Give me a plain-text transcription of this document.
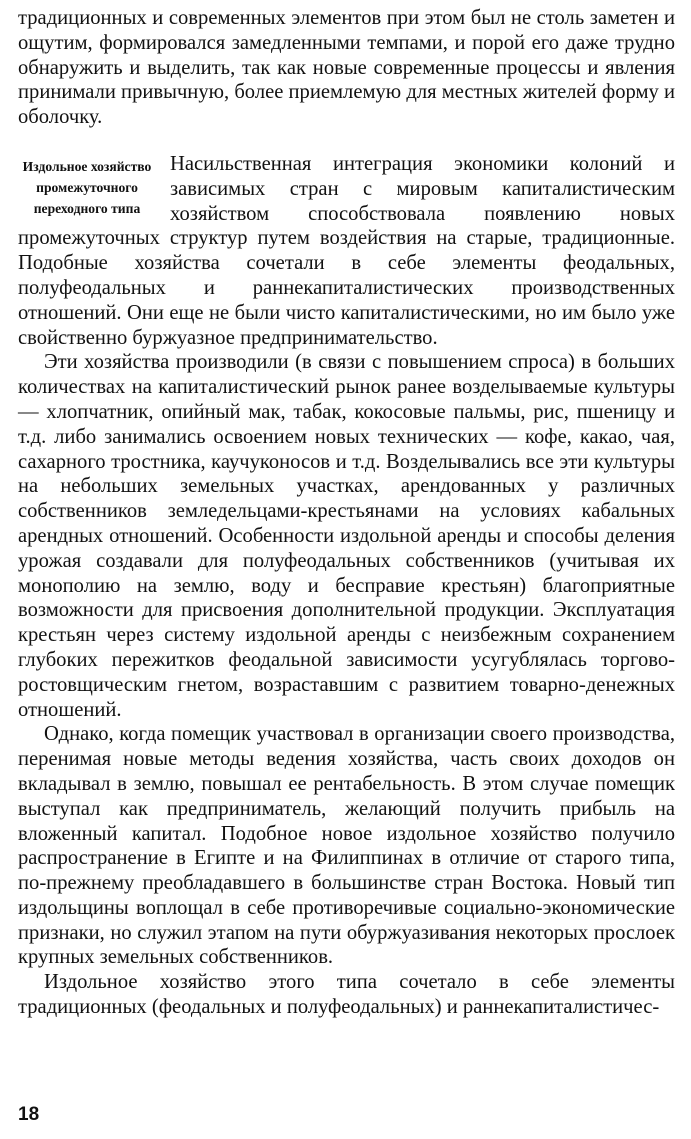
традиционных и современных элементов при этом был не столь заметен и ощутим, формировался замедленными темпами, и порой его даже трудно обнаружить и выделить, так как новые современные процессы и явления принимали привычную, более приемлемую для местных жителей форму и оболочку.

Издольное хозяйство промежуточного переходного типа

Насильственная интеграция экономики колоний и зависимых стран с мировым капиталистическим хозяйством способствовала появлению новых промежуточных структур путем воздействия на старые, традиционные. Подобные хозяйства сочетали в себе элементы феодальных, полуфеодальных и раннекапиталистических производственных отношений. Они еще не были чисто капиталистическими, но им было уже свойственно буржуазное предпринимательство.

Эти хозяйства производили (в связи с повышением спроса) в больших количествах на капиталистический рынок ранее возделываемые культуры — хлопчатник, опийный мак, табак, кокосовые пальмы, рис, пшеницу и т.д. либо занимались освоением новых технических — кофе, какао, чая, сахарного тростника, каучуконосов и т.д. Возделывались все эти культуры на небольших земельных участках, арендованных у различных собственников земледельцами-крестьянами на условиях кабальных арендных отношений. Особенности издольной аренды и способы деления урожая создавали для полуфеодальных собственников (учитывая их монополию на землю, воду и бесправие крестьян) благоприятные возможности для присвоения дополнительной продукции. Эксплуатация крестьян через систему издольной аренды с неизбежным сохранением глубоких пережитков феодальной зависимости усугублялась торгово-ростовщическим гнетом, возраставшим с развитием товарно-денежных отношений.

Однако, когда помещик участвовал в организации своего производства, перенимая новые методы ведения хозяйства, часть своих доходов он вкладывал в землю, повышал ее рентабельность. В этом случае помещик выступал как предприниматель, желающий получить прибыль на вложенный капитал. Подобное новое издольное хозяйство получило распространение в Египте и на Филиппинах в отличие от старого типа, по-прежнему преобладавшего в большинстве стран Востока. Новый тип издольщины воплощал в себе противоречивые социально-экономические признаки, но служил этапом на пути обуржуазивания некоторых прослоек крупных земельных собственников.

Издольное хозяйство этого типа сочетало в себе элементы традиционных (феодальных и полуфеодальных) и раннекапиталистичес-

18
